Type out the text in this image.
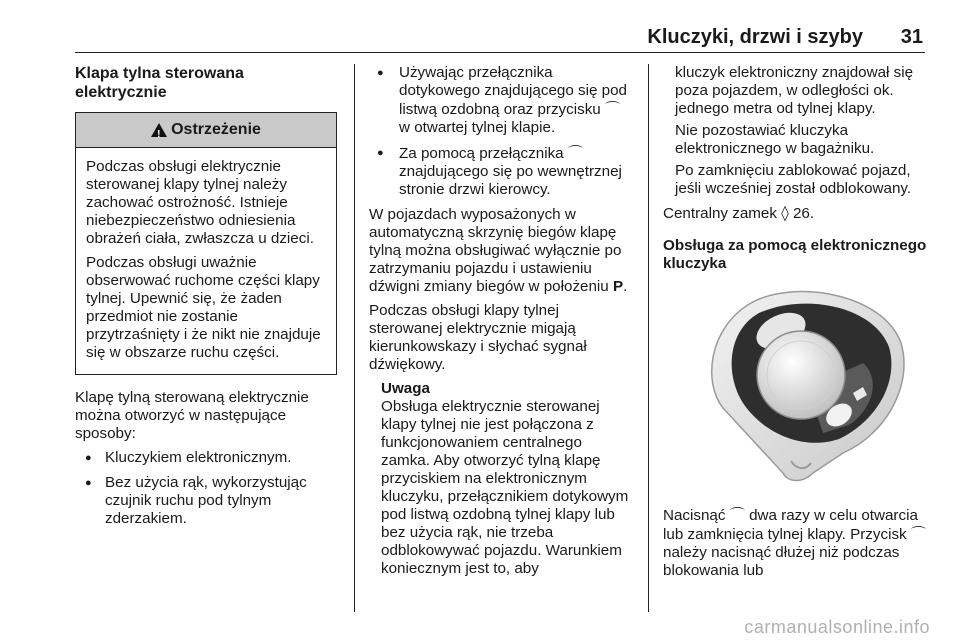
Kluczyki, drzwi i szyby 31
Klapa tylna sterowana
elektrycznie
!
Ostrzeżenie

Podczas obsługi elektrycznie sterowanej klapy tylnej należy zachować ostrożność. Istnieje niebezpieczeństwo odniesienia obrażeń ciała, zwłaszcza u dzieci.

Podczas obsługi uważnie obserwować ruchome części klapy tylnej. Upewnić się, że żaden przedmiot nie zostanie przytrzaśnięty i że nikt nie znajduje się w obszarze ruchu części.

Klapę tylną sterowaną elektrycznie można otworzyć w następujące sposoby:

● Kluczykiem elektronicznym.
● Bez użycia rąk, wykorzystując czujnik ruchu pod tylnym zderzakiem.
● Używając przełącznika dotykowego znajdującego się pod listwą ozdobną oraz przycisku ⌒ w otwartej tylnej klapie.
● Za pomocą przełącznika ⌒ znajdującego się po wewnętrznej stronie drzwi kierowcy.

W pojazdach wyposażonych w automatyczną skrzynię biegów klapę tylną można obsługiwać wyłącznie po zatrzymaniu pojazdu i ustawieniu dźwigni zmiany biegów w położeniu P.

Podczas obsługi klapy tylnej sterowanej elektrycznie migają kierunkowskazy i słychać sygnał dźwiękowy.

Uwaga
Obsługa elektrycznie sterowanej klapy tylnej nie jest połączona z funkcjonowaniem centralnego zamka. Aby otworzyć tylną klapę przyciskiem na elektronicznym kluczyku, przełącznikiem dotykowym pod listwą ozdobną tylnej klapy lub bez użycia rąk, nie trzeba odblokowywać pojazdu. Warunkiem koniecznym jest to, aby

kluczyk elektroniczny znajdował się poza pojazdem, w odległości ok. jednego metra od tylnej klapy.

Nie pozostawiać kluczyka elektronicznego w bagażniku.

Po zamknięciu zablokować pojazd, jeśli wcześniej został odblokowany.

Centralny zamek ◊ 26.

Obsługa za pomocą elektronicznego kluczyka

Nacisnąć ⌒ dwa razy w celu otwarcia lub zamknięcia tylnej klapy. Przycisk ⌒ należy nacisnąć dłużej niż podczas blokowania lub

carmanualsonline.info
